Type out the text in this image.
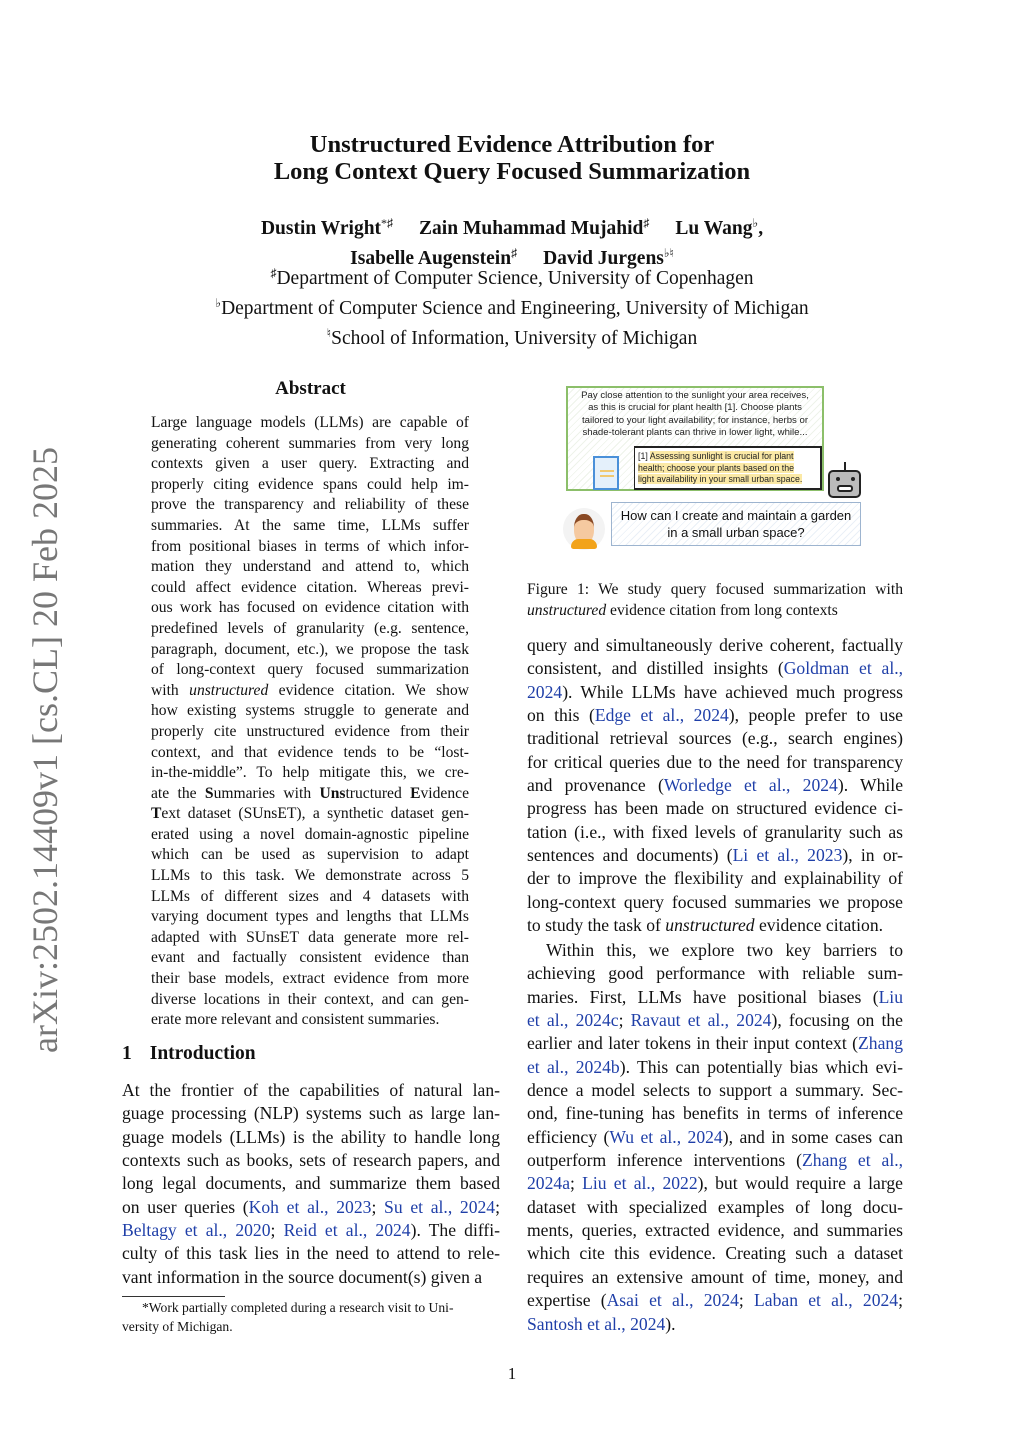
arXiv:2502.14409v1 [cs.CL] 20 Feb 2025
Unstructured Evidence Attribution for
Long Context Query Focused Summarization
Dustin Wright*♯ Zain Muhammad Mujahid♯ Lu Wang♭,
Isabelle Augenstein♯ David Jurgens♭♮
♯Department of Computer Science, University of Copenhagen
♭Department of Computer Science and Engineering, University of Michigan
♮School of Information, University of Michigan
Abstract
Large language models (LLMs) are capable of
generating coherent summaries from very long
contexts given a user query. Extracting and
properly citing evidence spans could help im-
prove the transparency and reliability of these
summaries. At the same time, LLMs suffer
from positional biases in terms of which infor-
mation they understand and attend to, which
could affect evidence citation. Whereas previ-
ous work has focused on evidence citation with
predefined levels of granularity (e.g. sentence,
paragraph, document, etc.), we propose the task
of long-context query focused summarization
with unstructured evidence citation. We show
how existing systems struggle to generate and
properly cite unstructured evidence from their
context, and that evidence tends to be “lost-
in-the-middle”. To help mitigate this, we cre-
ate the Summaries with Unstructured Evidence
Text dataset (SUnsET), a synthetic dataset gen-
erated using a novel domain-agnostic pipeline
which can be used as supervision to adapt
LLMs to this task. We demonstrate across 5
LLMs of different sizes and 4 datasets with
varying document types and lengths that LLMs
adapted with SUnsET data generate more rel-
evant and factually consistent evidence than
their base models, extract evidence from more
diverse locations in their context, and can gen-
erate more relevant and consistent summaries.
1 Introduction
At the frontier of the capabilities of natural lan-
guage processing (NLP) systems such as large lan-
guage models (LLMs) is the ability to handle long
contexts such as books, sets of research papers, and
long legal documents, and summarize them based
on user queries (Koh et al., 2023; Su et al., 2024;
Beltagy et al., 2020; Reid et al., 2024). The diffi-
culty of this task lies in the need to attend to rele-
vant information in the source document(s) given a
*Work partially completed during a research visit to Uni-
versity of Michigan.
Pay close attention to the sunlight your area receives,
as this is crucial for plant health [1]. Choose plants
tailored to your light availability; for instance, herbs or
shade-tolerant plants can thrive in lower light, while...
[1] Assessing sunlight is crucial for plant
health; choose your plants based on the
light availability in your small urban space.
How can I create and maintain a garden
in a small urban space?
Figure 1: We study query focused summarization with
unstructured evidence citation from long contexts
query and simultaneously derive coherent, factually
consistent, and distilled insights (Goldman et al.,
2024). While LLMs have achieved much progress
on this (Edge et al., 2024), people prefer to use
traditional retrieval sources (e.g., search engines)
for critical queries due to the need for transparency
and provenance (Worledge et al., 2024). While
progress has been made on structured evidence ci-
tation (i.e., with fixed levels of granularity such as
sentences and documents) (Li et al., 2023), in or-
der to improve the flexibility and explainability of
long-context query focused summaries we propose
to study the task of unstructured evidence citation.
Within this, we explore two key barriers to
achieving good performance with reliable sum-
maries. First, LLMs have positional biases (Liu
et al., 2024c; Ravaut et al., 2024), focusing on the
earlier and later tokens in their input context (Zhang
et al., 2024b). This can potentially bias which evi-
dence a model selects to support a summary. Sec-
ond, fine-tuning has benefits in terms of inference
efficiency (Wu et al., 2024), and in some cases can
outperform inference interventions (Zhang et al.,
2024a; Liu et al., 2022), but would require a large
dataset with specialized examples of long docu-
ments, queries, extracted evidence, and summaries
which cite this evidence. Creating such a dataset
requires an extensive amount of time, money, and
expertise (Asai et al., 2024; Laban et al., 2024;
Santosh et al., 2024).
1
